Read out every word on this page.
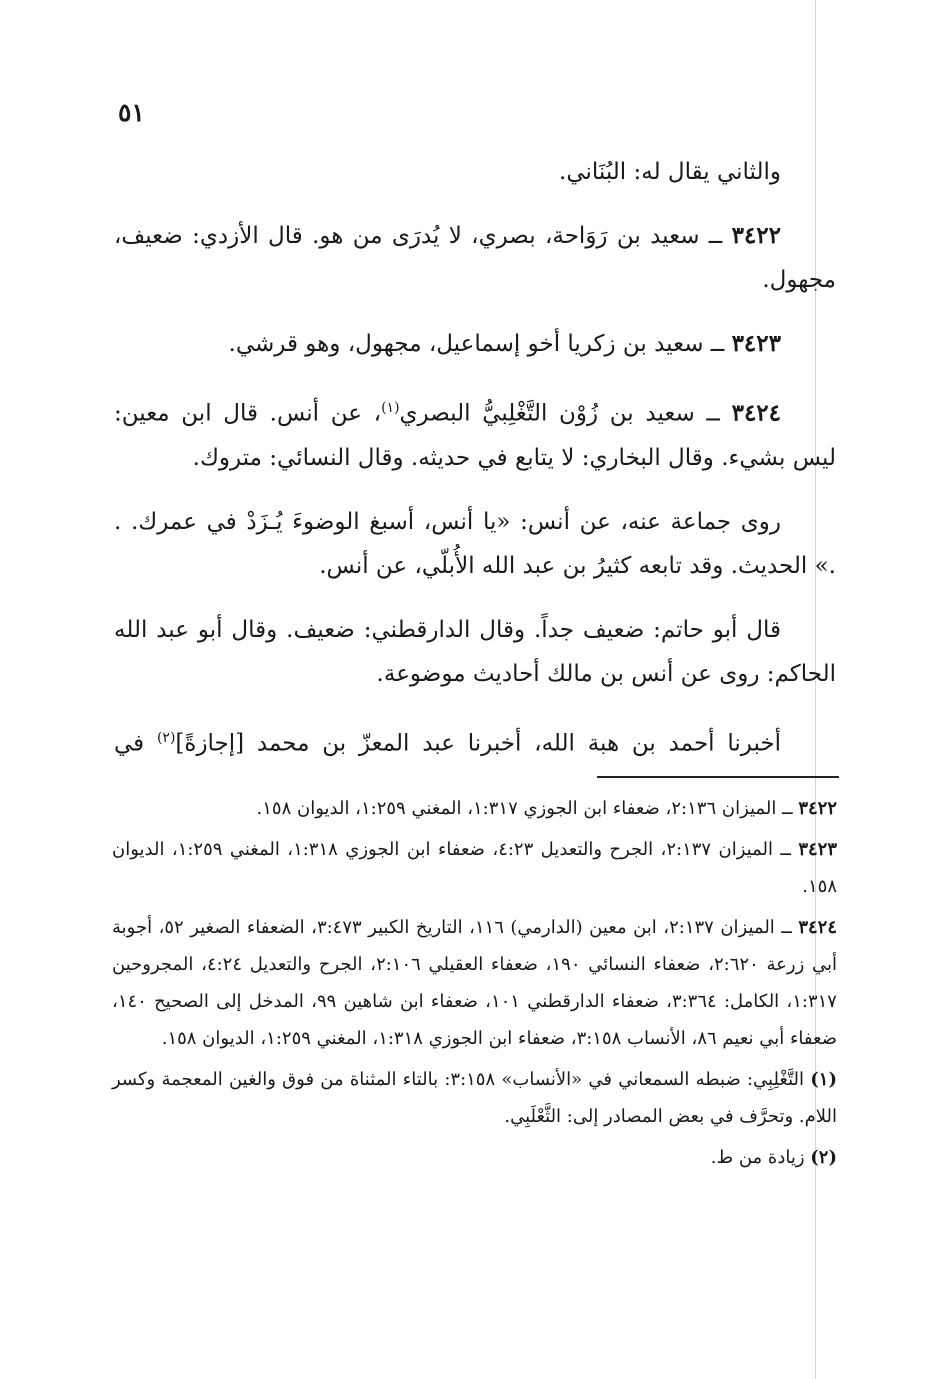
٥١

والثاني يقال له: البُنَاني.

٣٤٢٢ ــ سعيد بن رَوَاحة، بصري، لا يُدرَى من هو. قال الأزدي: ضعيف، مجهول.

٣٤٢٣ ــ سعيد بن زكريا أخو إسماعيل، مجهول، وهو قرشي.

٣٤٢٤ ــ سعيد بن زُوْن التَّغْلِبيُّ البصري$^{(١)}$، عن أنس. قال ابن معين: ليس بشيء. وقال البخاري: لا يتابع في حديثه. وقال النسائي: متروك.

روى جماعة عنه، عن أنس: «يا أنس، أسبغ الوضوءَ يُـزَدْ في عمرك. . .» الحديث. وقد تابعه كثيرُ بن عبد الله الأُبلّي، عن أنس.

قال أبو حاتم: ضعيف جداً. وقال الدارقطني: ضعيف. وقال أبو عبد الله الحاكم: روى عن أنس بن مالك أحاديث موضوعة.

أخبرنا أحمد بن هبة الله، أخبرنا عبد المعزّ بن محمد [إجازةً]$^{(٢)}$ في

٣٤٢٢ ــ الميزان ٢:١٣٦، ضعفاء ابن الجوزي ١:٣١٧، المغني ١:٢٥٩، الديوان ١٥٨.

٣٤٢٣ ــ الميزان ٢:١٣٧، الجرح والتعديل ٤:٢٣، ضعفاء ابن الجوزي ١:٣١٨، المغني ١:٢٥٩، الديوان ١٥٨.

٣٤٢٤ ــ الميزان ٢:١٣٧، ابن معين (الدارمي) ١١٦، التاريخ الكبير ٣:٤٧٣، الضعفاء الصغير ٥٢، أجوبة أبي زرعة ٢:٦٢٠، ضعفاء النسائي ١٩٠، ضعفاء العقيلي ٢:١٠٦، الجرح والتعديل ٤:٢٤، المجروحين ١:٣١٧، الكامل: ٣:٣٦٤، ضعفاء الدارقطني ١٠١، ضعفاء ابن شاهين ٩٩، المدخل إلى الصحيح ١٤٠، ضعفاء أبي نعيم ٨٦، الأنساب ٣:١٥٨، ضعفاء ابن الجوزي ١:٣١٨، المغني ١:٢٥٩، الديوان ١٥٨.

(١) التَّغْلِبِي: ضبطه السمعاني في «الأنساب» ٣:١٥٨: بالتاء المثناة من فوق والغين المعجمة وكسر اللام. وتحرَّف في بعض المصادر إلى: الثَّعْلَبِي.

(٢) زيادة من ط.
